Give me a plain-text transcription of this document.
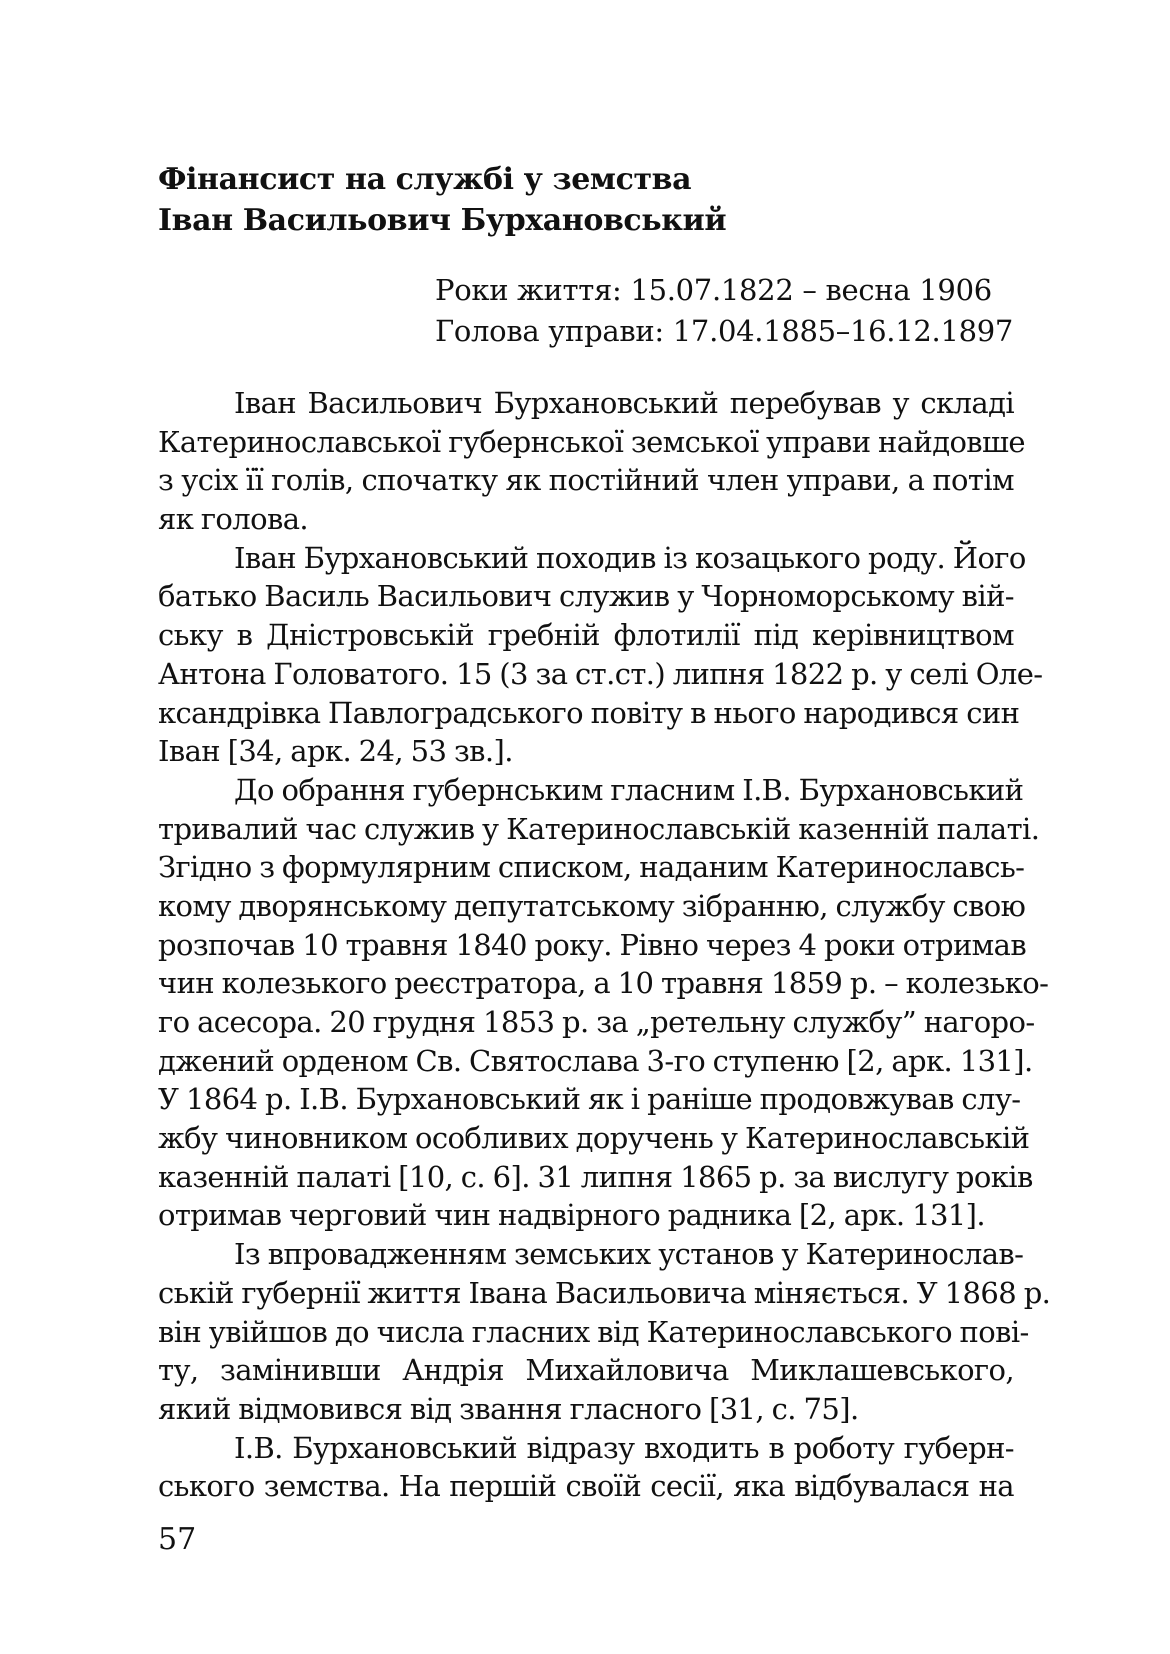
Фінансист на службі у земства
Іван Васильович Бурхановський
Роки життя: 15.07.1822 – весна 1906
Голова управи: 17.04.1885–16.12.1897
Іван Васильович Бурхановський перебував у складі
Катеринославської губернської земської управи найдовше
з усіх її голів, спочатку як постійний член управи, а потім
як голова.
Іван Бурхановський походив із козацького роду. Його
батько Василь Васильович служив у Чорноморському вій-
ську в Дністровській гребній флотилії під керівництвом
Антона Головатого. 15 (3 за ст.ст.) липня 1822 р. у селі Оле-
ксандрівка Павлоградського повіту в нього народився син
Іван [34, арк. 24, 53 зв.].
До обрання губернським гласним І.В. Бурхановський
тривалий час служив у Катеринославській казенній палаті.
Згідно з формулярним списком, наданим Катеринославсь-
кому дворянському депутатському зібранню, службу свою
розпочав 10 травня 1840 року. Рівно через 4 роки отримав
чин колезького реєстратора, а 10 травня 1859 р. – колезько-
го асесора. 20 грудня 1853 р. за „ретельну службу” нагоро-
джений орденом Св. Святослава 3-го ступеню [2, арк. 131].
У 1864 р. І.В. Бурхановський як і раніше продовжував слу-
жбу чиновником особливих доручень у Катеринославській
казенній палаті [10, с. 6]. 31 липня 1865 р. за вислугу років
отримав черговий чин надвірного радника [2, арк. 131].
Із впровадженням земських установ у Катеринослав-
ській губернії життя Івана Васильовича міняється. У 1868 р.
він увійшов до числа гласних від Катеринославського пові-
ту, замінивши Андрія Михайловича Миклашевського,
який відмовився від звання гласного [31, с. 75].
І.В. Бурхановський відразу входить в роботу губерн-
ського земства. На першій своїй сесії, яка відбувалася на
57
